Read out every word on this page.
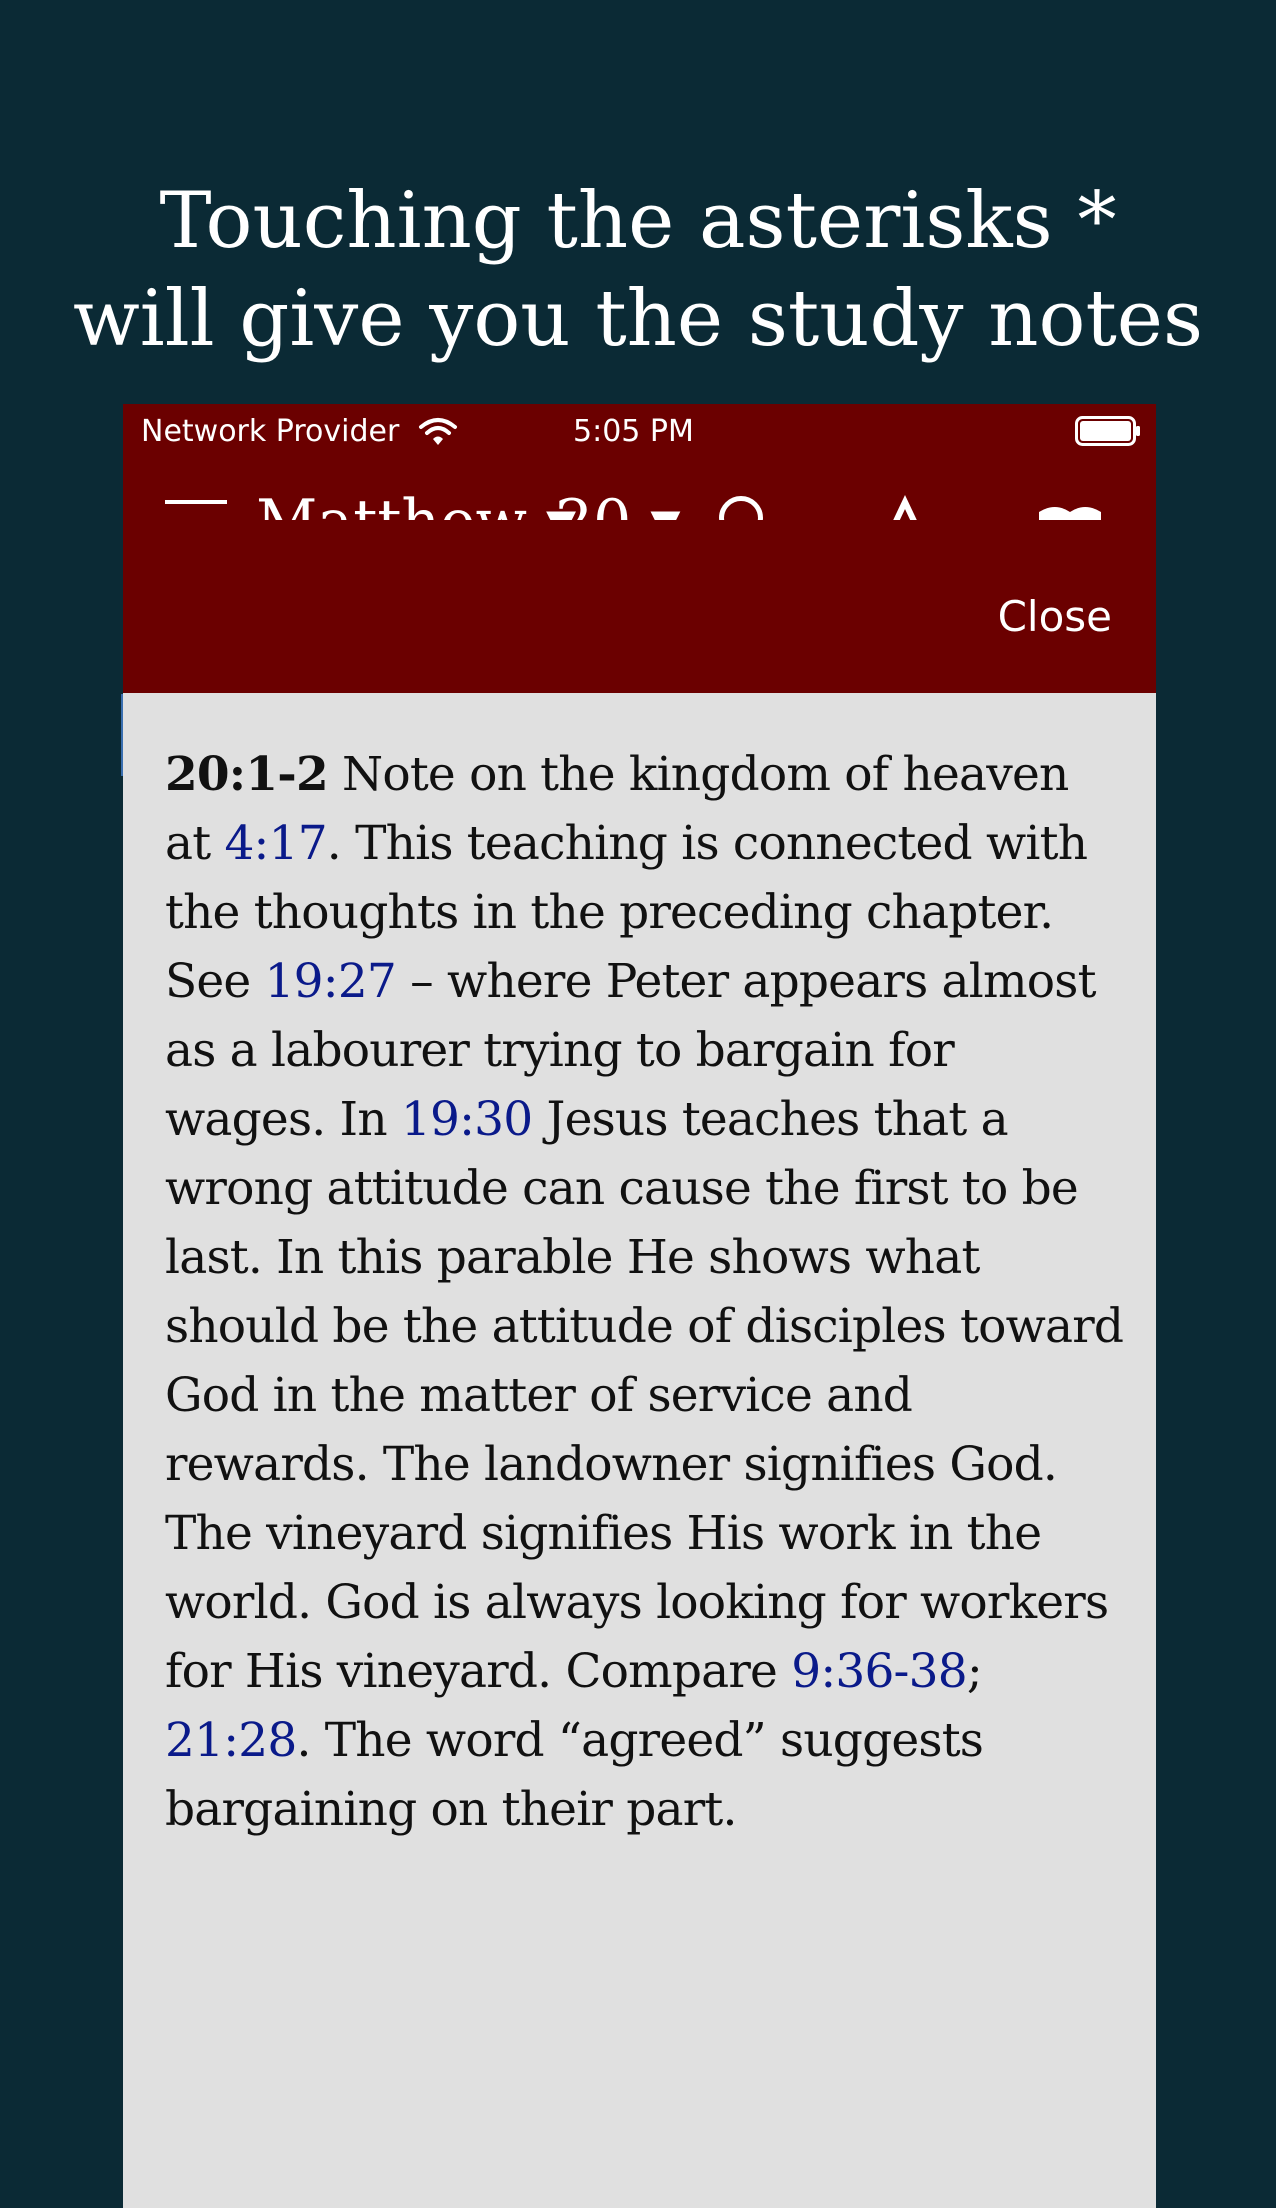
Touching the asterisks *
will give you the study notes
Network Provider	5:05 PM
Close
20:1-2 Note on the kingdom of heaven at 4:17. This teaching is connected with the thoughts in the preceding chapter. See 19:27 – where Peter appears almost as a labourer trying to bargain for wages. In 19:30 Jesus teaches that a wrong attitude can cause the first to be last. In this parable He shows what should be the attitude of disciples toward God in the matter of service and rewards. The landowner signifies God. The vineyard signifies His work in the world. God is always looking for workers for His vineyard. Compare 9:36-38; 21:28. The word “agreed” suggests bargaining on their part.
